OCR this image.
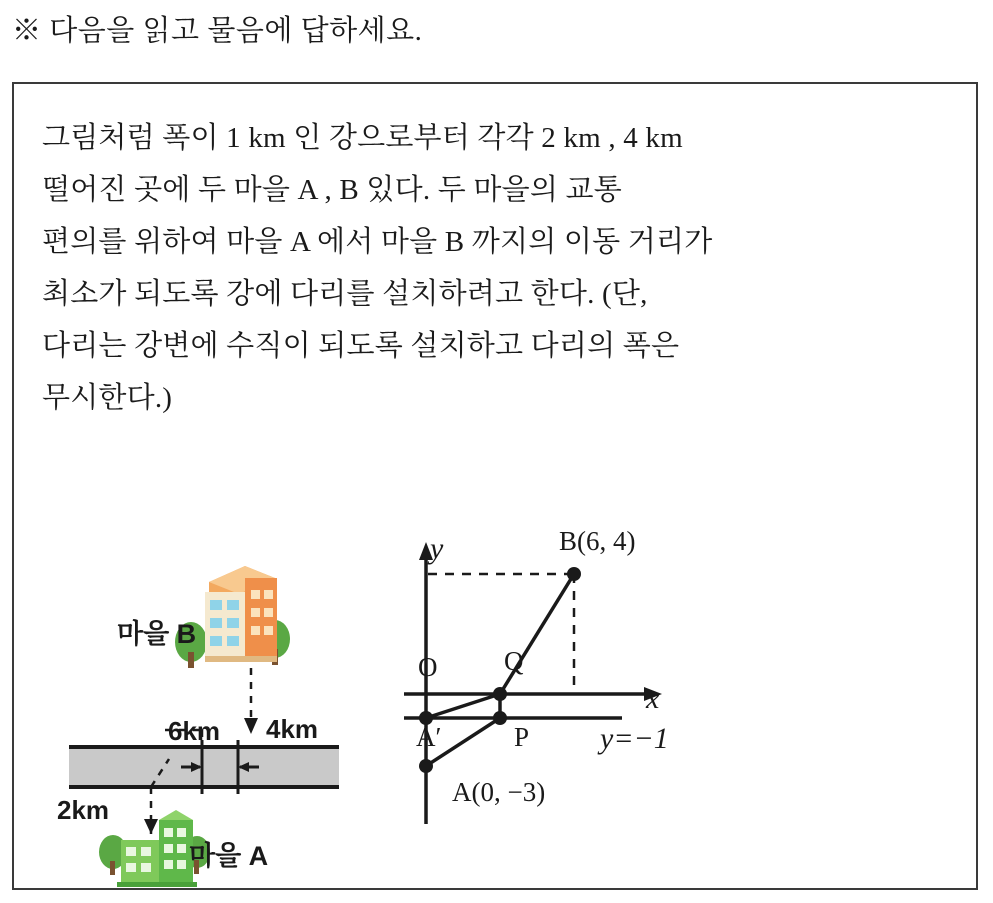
※ 다음을 읽고 물음에 답하세요.
그림처럼 폭이 1 km 인 강으로부터 각각 2 km , 4 km
떨어진 곳에 두 마을 A , B 있다. 두 마을의 교통
편의를 위하여 마을 A 에서 마을 B 까지의 이동 거리가
최소가 되도록 강에 다리를 설치하려고 한다. (단,
다리는 강변에 수직이 되도록 설치하고 다리의 폭은
무시한다.)
마을 B
마을 A
6km 4km
2km
y
x
O Q
P
A′
B(6, 4)
A(0, −3)
y=−1
